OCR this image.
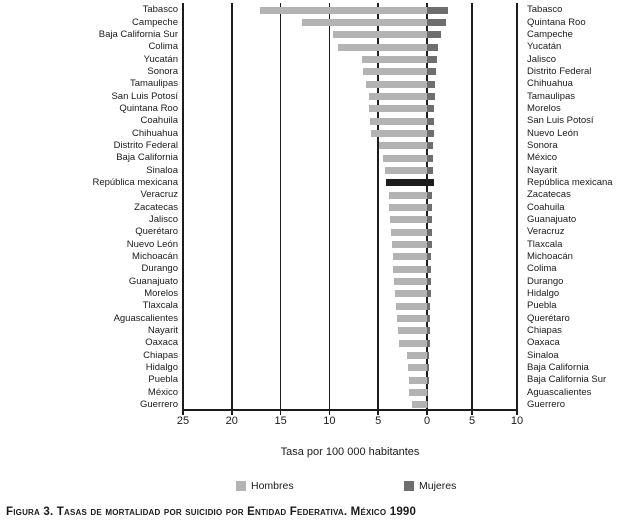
25	20	15	10	5	0	5	10
Tabasco	Tabasco
Campeche	Quintana Roo
Baja California Sur	Campeche
Colima	Yucatán
Yucatán	Jalisco
Sonora	Distrito Federal
Tamaulipas	Chihuahua
San Luis Potosí	Tamaulipas
Quintana Roo	Morelos
Coahuila	San Luis Potosí
Chihuahua	Nuevo León
Distrito Federal	Sonora
Baja California	México
Sinaloa	Nayarit
República mexicana	República mexicana
Veracruz	Zacatecas
Zacatecas	Coahuila
Jalisco	Guanajuato
Querétaro	Veracruz
Nuevo León	Tlaxcala
Michoacán	Michoacán
Durango	Colima
Guanajuato	Durango
Morelos	Hidalgo
Tlaxcala	Puebla
Aguascalientes	Querétaro
Nayarit	Chiapas
Oaxaca	Oaxaca
Chiapas	Sinaloa
Hidalgo	Baja California
Puebla	Baja California Sur
México	Aguascalientes
Guerrero	Guerrero
Tasa por 100 000 habitantes
Hombres	Mujeres
Figura 3. Tasas de mortalidad por suicidio por Entidad Federativa. México 1990
